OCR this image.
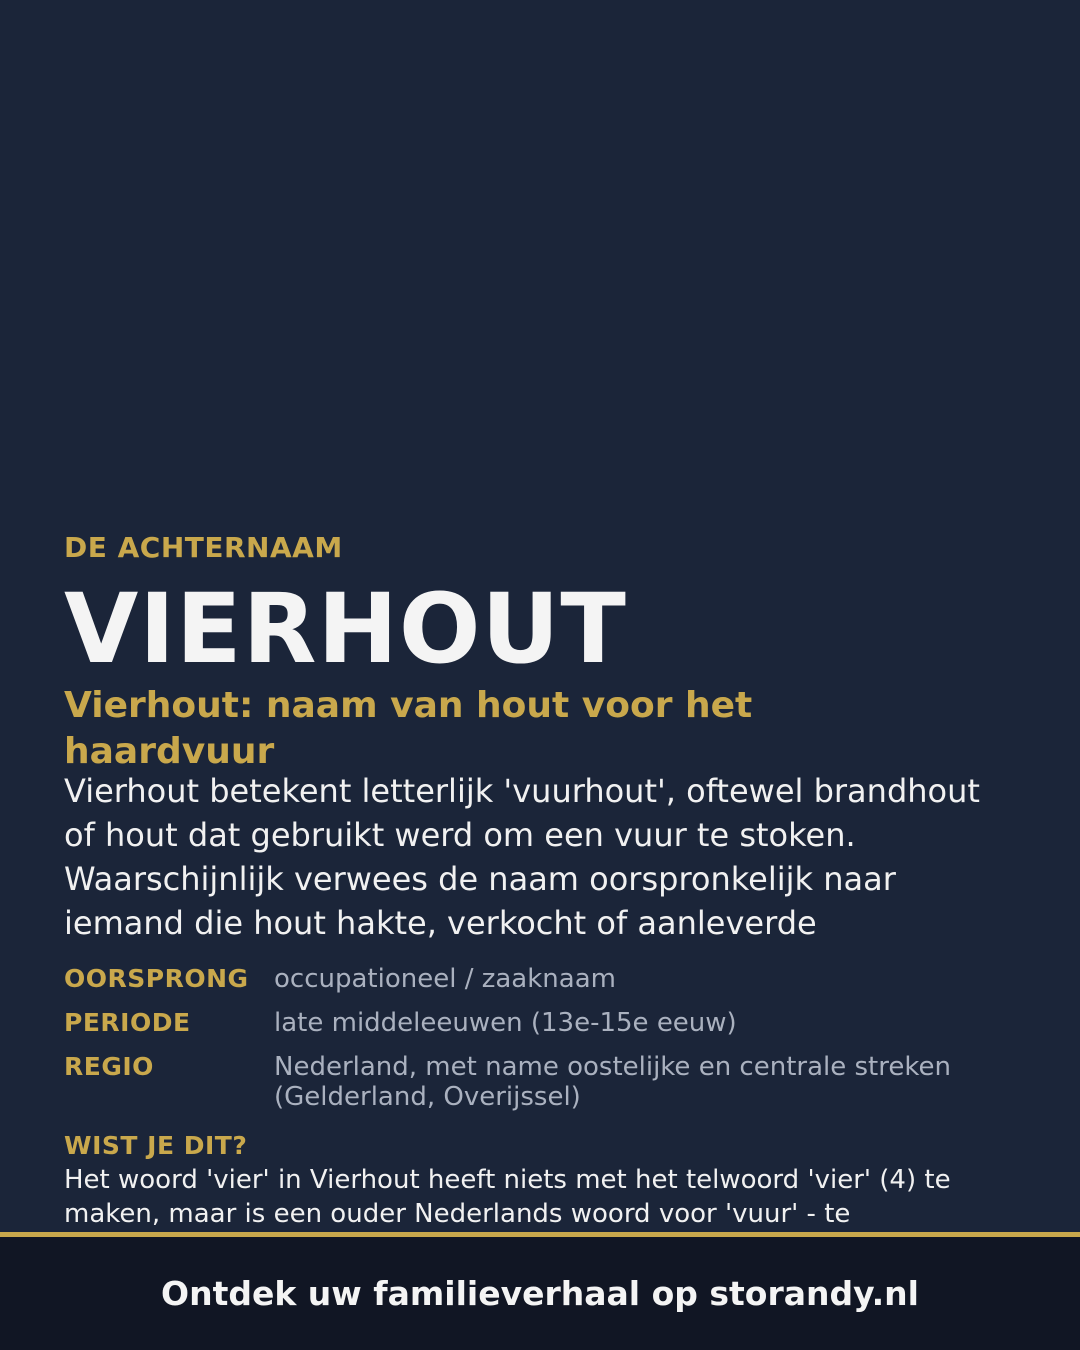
DE ACHTERNAAM
VIERHOUT
Vierhout: naam van hout voor het haardvuur
Vierhout betekent letterlijk 'vuurhout', oftewel brandhout of hout dat gebruikt werd om een vuur te stoken. Waarschijnlijk verwees de naam oorspronkelijk naar iemand die hout hakte, verkocht of aanleverde
OORSPRONG occupationeel / zaaknaam
PERIODE	late middeleeuwen (13e-15e eeuw)
REGIO	Nederland, met name oostelijke en centrale streken (Gelderland, Overijssel)
WIST JE DIT?
Het woord 'vier' in Vierhout heeft niets met het telwoord 'vier' (4) te maken, maar is een ouder Nederlands woord voor 'vuur' - te
Ontdek uw familieverhaal op storandy.nl
